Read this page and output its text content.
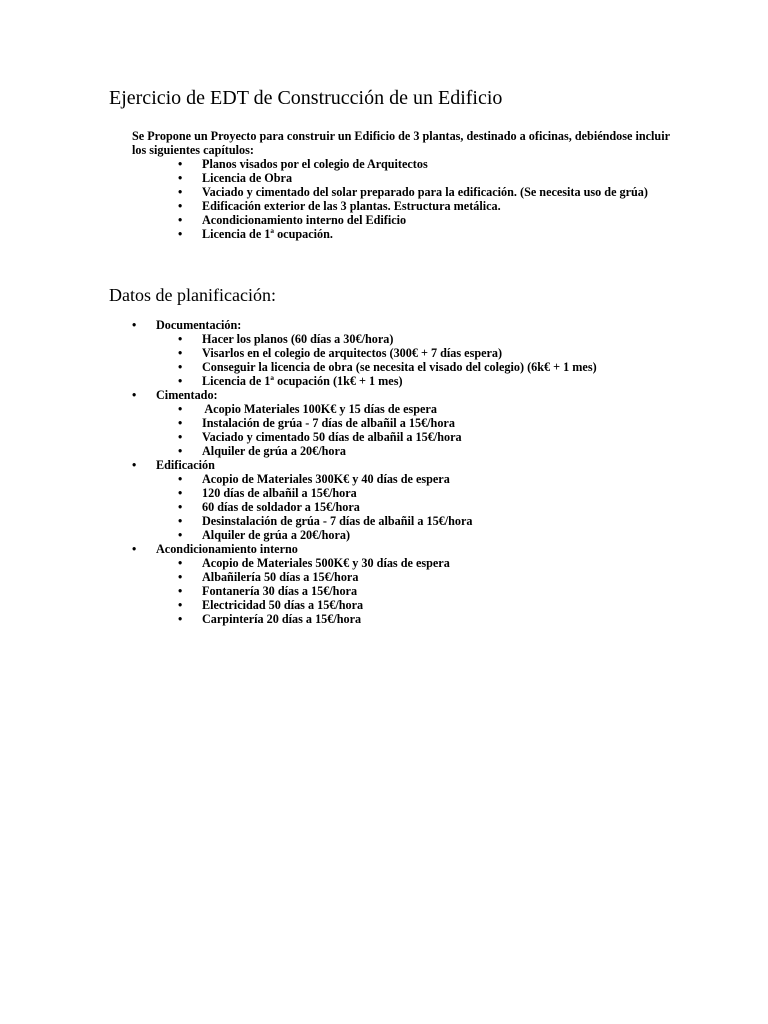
Ejercicio de EDT de Construcción de un Edificio

Se Propone un Proyecto para construir un Edificio de 3 plantas, destinado a oficinas, debiéndose incluir los siguientes capítulos:

• Planos visados por el colegio de Arquitectos
• Licencia de Obra
• Vaciado y cimentado del solar preparado para la edificación. (Se necesita uso de grúa)
• Edificación exterior de las 3 plantas. Estructura metálica.
• Acondicionamiento interno del Edificio
• Licencia de 1ª ocupación.
Datos de planificación:
• Documentación:
• Hacer los planos (60 días a 30€/hora)
• Visarlos en el colegio de arquitectos (300€ + 7 días espera)
• Conseguir la licencia de obra (se necesita el visado del colegio) (6k€ + 1 mes)
• Licencia de 1ª ocupación (1k€ + 1 mes)
• Cimentado:
• Acopio Materiales 100K€ y 15 días de espera
• Instalación de grúa - 7 días de albañil a 15€/hora
• Vaciado y cimentado 50 días de albañil a 15€/hora
• Alquiler de grúa a 20€/hora
• Edificación
• Acopio de Materiales 300K€ y 40 días de espera
• 120 días de albañil a 15€/hora
• 60 días de soldador a 15€/hora
• Desinstalación de grúa - 7 días de albañil a 15€/hora
• Alquiler de grúa a 20€/hora)
• Acondicionamiento interno
• Acopio de Materiales 500K€ y 30 días de espera
• Albañilería 50 días a 15€/hora
• Fontanería 30 días a 15€/hora
• Electricidad 50 días a 15€/hora
• Carpintería 20 días a 15€/hora
